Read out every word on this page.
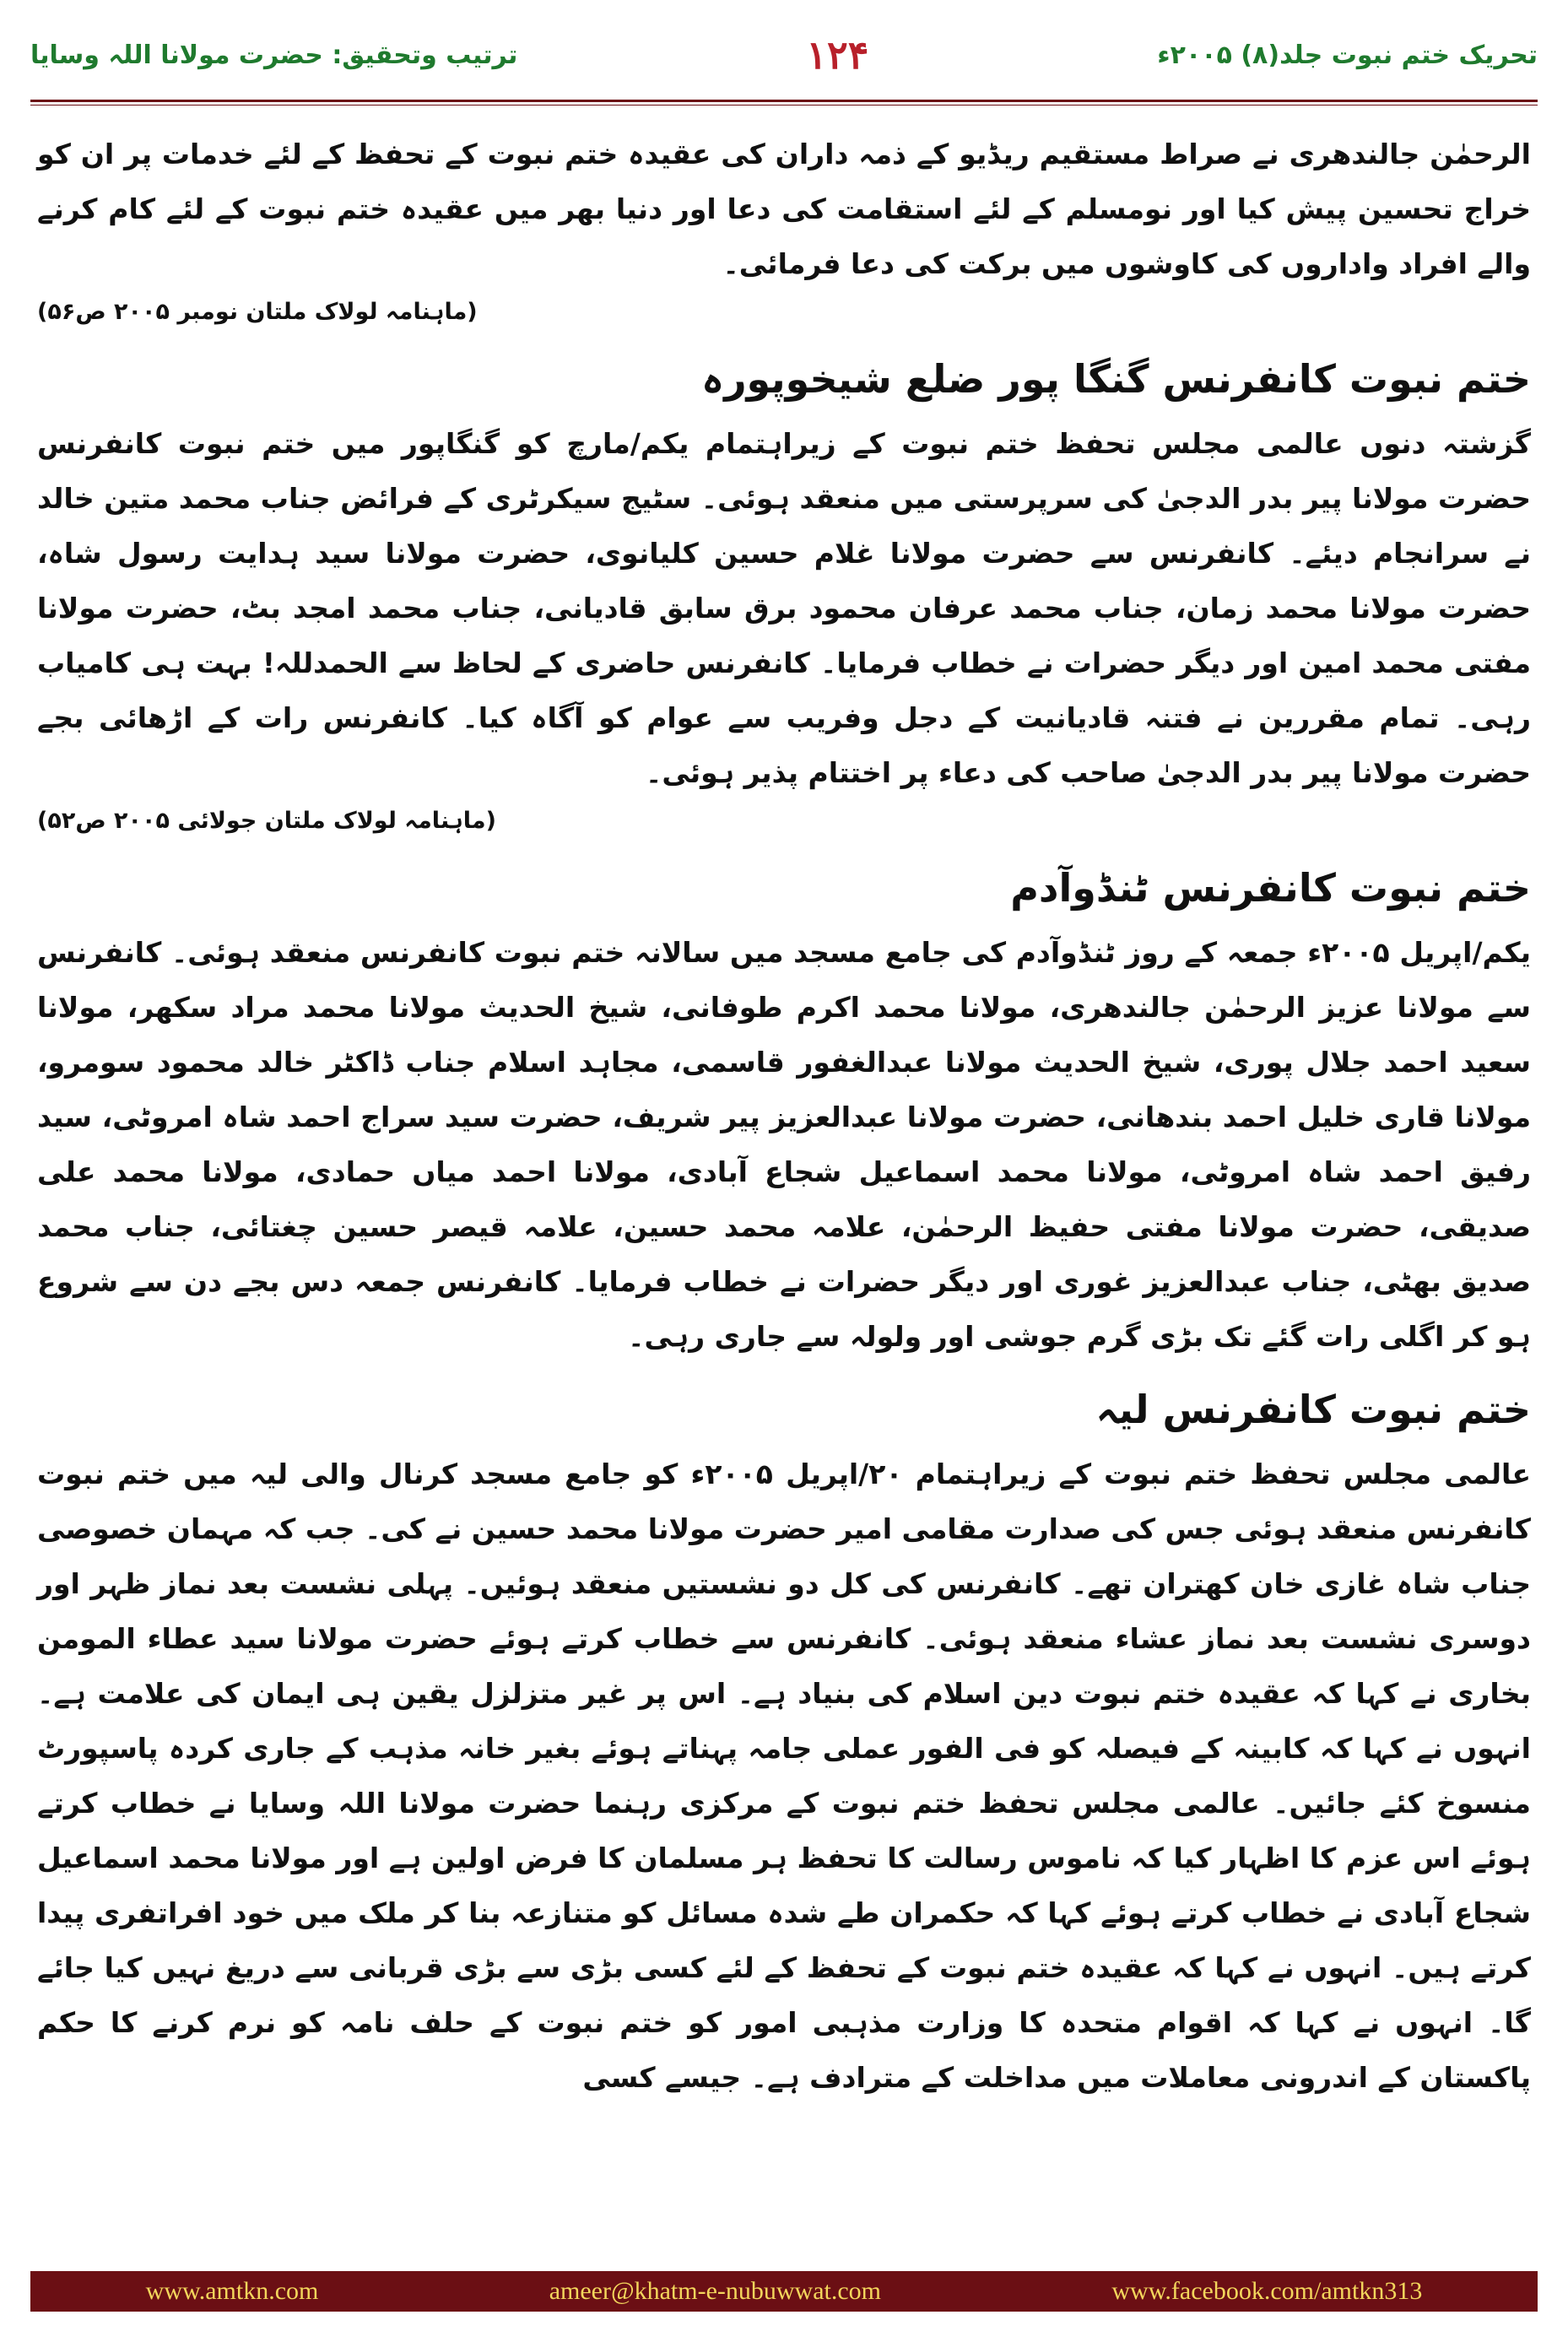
تحریک ختم نبوت جلد(۸) ۲۰۰۵ء
۱۲۴
ترتیب وتحقیق: حضرت مولانا اللہ وسایا

الرحمٰن جالندھری نے صراط مستقیم ریڈیو کے ذمہ داران کی عقیدہ ختم نبوت کے تحفظ کے لئے خدمات پر ان کو خراج تحسین پیش کیا اور نومسلم کے لئے استقامت کی دعا اور دنیا بھر میں عقیدہ ختم نبوت کے لئے کام کرنے والے افراد واداروں کی کاوشوں میں برکت کی دعا فرمائی۔

(ماہنامہ لولاک ملتان نومبر ۲۰۰۵ ص۵۶)
ختم نبوت کانفرنس گنگا پور ضلع شیخوپورہ

گزشتہ دنوں عالمی مجلس تحفظ ختم نبوت کے زیراہتمام یکم/مارچ کو گنگاپور میں ختم نبوت کانفرنس حضرت مولانا پیر بدر الدجیٰ کی سرپرستی میں منعقد ہوئی۔ سٹیج سیکرٹری کے فرائض جناب محمد متین خالد نے سرانجام دیئے۔ کانفرنس سے حضرت مولانا غلام حسین کلیانوی، حضرت مولانا سید ہدایت رسول شاہ، حضرت مولانا محمد زمان، جناب محمد عرفان محمود برق سابق قادیانی، جناب محمد امجد بٹ، حضرت مولانا مفتی محمد امین اور دیگر حضرات نے خطاب فرمایا۔ کانفرنس حاضری کے لحاظ سے الحمدللہ! بہت ہی کامیاب رہی۔ تمام مقررین نے فتنہ قادیانیت کے دجل وفریب سے عوام کو آگاہ کیا۔ کانفرنس رات کے اڑھائی بجے حضرت مولانا پیر بدر الدجیٰ صاحب کی دعاء پر اختتام پذیر ہوئی۔

(ماہنامہ لولاک ملتان جولائی ۲۰۰۵ ص۵۲)
ختم نبوت کانفرنس ٹنڈوآدم

یکم/اپریل ۲۰۰۵ء جمعہ کے روز ٹنڈوآدم کی جامع مسجد میں سالانہ ختم نبوت کانفرنس منعقد ہوئی۔ کانفرنس سے مولانا عزیز الرحمٰن جالندھری، مولانا محمد اکرم طوفانی، شیخ الحدیث مولانا محمد مراد سکھر، مولانا سعید احمد جلال پوری، شیخ الحدیث مولانا عبدالغفور قاسمی، مجاہد اسلام جناب ڈاکٹر خالد محمود سومرو، مولانا قاری خلیل احمد بندھانی، حضرت مولانا عبدالعزیز پیر شریف، حضرت سید سراج احمد شاہ امروٹی، سید رفیق احمد شاہ امروٹی، مولانا محمد اسماعیل شجاع آبادی، مولانا احمد میاں حمادی، مولانا محمد علی صدیقی، حضرت مولانا مفتی حفیظ الرحمٰن، علامہ محمد حسین، علامہ قیصر حسین چغتائی، جناب محمد صدیق بھٹی، جناب عبدالعزیز غوری اور دیگر حضرات نے خطاب فرمایا۔ کانفرنس جمعہ دس بجے دن سے شروع ہو کر اگلی رات گئے تک بڑی گرم جوشی اور ولولہ سے جاری رہی۔

ختم نبوت کانفرنس لیہ

عالمی مجلس تحفظ ختم نبوت کے زیراہتمام ۲۰/اپریل ۲۰۰۵ء کو جامع مسجد کرنال والی لیہ میں ختم نبوت کانفرنس منعقد ہوئی جس کی صدارت مقامی امیر حضرت مولانا محمد حسین نے کی۔ جب کہ مہمان خصوصی جناب شاہ غازی خان کھتران تھے۔ کانفرنس کی کل دو نشستیں منعقد ہوئیں۔ پہلی نشست بعد نماز ظہر اور دوسری نشست بعد نماز عشاء منعقد ہوئی۔ کانفرنس سے خطاب کرتے ہوئے حضرت مولانا سید عطاء المومن بخاری نے کہا کہ عقیدہ ختم نبوت دین اسلام کی بنیاد ہے۔ اس پر غیر متزلزل یقین ہی ایمان کی علامت ہے۔ انہوں نے کہا کہ کابینہ کے فیصلہ کو فی الفور عملی جامہ پہناتے ہوئے بغیر خانہ مذہب کے جاری کردہ پاسپورٹ منسوخ کئے جائیں۔ عالمی مجلس تحفظ ختم نبوت کے مرکزی رہنما حضرت مولانا اللہ وسایا نے خطاب کرتے ہوئے اس عزم کا اظہار کیا کہ ناموس رسالت کا تحفظ ہر مسلمان کا فرض اولین ہے اور مولانا محمد اسماعیل شجاع آبادی نے خطاب کرتے ہوئے کہا کہ حکمران طے شدہ مسائل کو متنازعہ بنا کر ملک میں خود افراتفری پیدا کرتے ہیں۔ انہوں نے کہا کہ عقیدہ ختم نبوت کے تحفظ کے لئے کسی بڑی سے بڑی قربانی سے دریغ نہیں کیا جائے گا۔ انہوں نے کہا کہ اقوام متحدہ کا وزارت مذہبی امور کو ختم نبوت کے حلف نامہ کو نرم کرنے کا حکم پاکستان کے اندرونی معاملات میں مداخلت کے مترادف ہے۔ جیسے کسی

www.amtkn.com	ameer@khatm-e-nubuwwat.com	www.facebook.com/amtkn313
